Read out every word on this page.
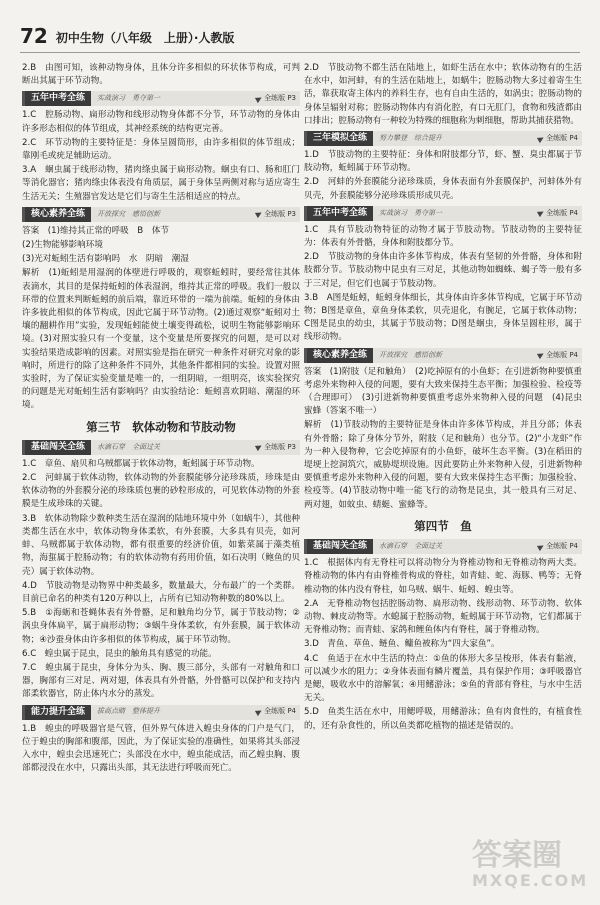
72 初中生物（八年级　上册）·人教版

2.B　由图可知，该种动物身体，且体分许多相似的环状体节构成，可判断出其属于环节动物。

五年中考全练	实战演习　勇夺第一	全练版 P3

1.C　腔肠动物、扁形动物和线形动物身体都不分节，环节动物的身体由许多形态相似的体节组成，其神经系统的结构更完善。

2.C　环节动物的主要特征是：身体呈圆筒形，由许多相似的体节组成；靠刚毛或疣足辅助运动。

3.A　蛔虫属于线形动物，猪肉绦虫属于扁形动物。蛔虫有口、肠和肛门等消化器官；猪肉绦虫体表没有角质层，属于身体呈两侧对称与适应寄生生活无关；生殖器官发达是它们与寄生生活相适应的特点。

核心素养全练	开放探究　感悟创新	全练版 P3

答案　(1)维持其正常的呼吸　B　体节

(2)生物能够影响环境

(3)光对蚯蚓生活有影响吗　水　阴暗　潮湿

解析　(1)蚯蚓是用湿润的体壁进行呼吸的，观察蚯蚓时，要经常往其体表滴水，其目的是保持蚯蚓的体表湿润，维持其正常的呼吸。我们一般以环带的位置来判断蚯蚓的前后端，靠近环带的一端为前端。蚯蚓的身体由许多彼此相似的体节构成，因此它属于环节动物。(2)通过观察“蚯蚓对土壤的翻耕作用”实验，发现蚯蚓能使土壤变得疏松，说明生物能够影响环境。(3)对照实验只有一个变量，这个变量是所要探究的问题，是可以对实验结果造成影响的因素。对照实验是指在研究一种条件对研究对象的影响时，所进行的除了这种条件不同外，其他条件都相同的实验。设置对照实验时，为了保证实验变量是唯一的，一组阴暗，一组明亮，该实验探究的问题是光对蚯蚓生活有影响吗？由实验结论：蚯蚓喜欢阴暗、潮湿的环境。

第三节　软体动物和节肢动物
基础闯关全练	水滴石穿　全面过关	全练版 P3

1.C　章鱼、扇贝和乌贼都属于软体动物，蚯蚓属于环节动物。

2.C　河蚌属于软体动物，软体动物的外套膜能够分泌珍珠质，珍珠是由软体动物的外套膜分泌的珍珠质包裹的砂粒形成的，可见软体动物的外套膜是生成珍珠的关键。

3.B　软体动物除少数种类生活在湿润的陆地环境中外（如蜗牛），其他种类都生活在水中，软体动物身体柔软，有外套膜，大多具有贝壳，如河蚌、乌贼都属于软体动物，都有很重要的经济价值，如紫菜属于藻类植物，海蜇属于腔肠动物；有的软体动物有药用价值，如石决明（鲍鱼的贝壳）属于软体动物。

4.D　节肢动物是动物界中种类最多，数量最大，分布最广的一个类群。目前已命名的种类有120万种以上，占所有已知动物种数的80%以上。

5.B　①海蛎和苍蝇体表有外骨骼，足和触角均分节，属于节肢动物；②涡虫身体扁平，属于扁形动物；③蜗牛身体柔软，有外套膜，属于软体动物；④沙蚕身体由许多相似的体节构成，属于环节动物。

6.C　蝗虫属于昆虫，昆虫的触角具有感觉的功能。

7.C　蝗虫属于昆虫，身体分为头、胸、腹三部分，头部有一对触角和口器，胸部有三对足、两对翅，体表具有外骨骼，外骨骼可以保护和支持内部柔软器官，防止体内水分的蒸发。

能力提升全练	拔高点睛　整体提升	全练版 P4

1.B　蝗虫的呼吸器官是气管，但外界气体进入蝗虫身体的门户是气门，位于蝗虫的胸部和腹部，因此，为了保证实验的准确性，如果将其头部浸入水中，蝗虫会迅速死亡；头部没在水中，蝗虫能成活，而乙蝗虫胸、腹部都浸没在水中，只露出头部，其无法进行呼吸而死亡。

2.D　节肢动物不都生活在陆地上，如虾生活在水中；软体动物有的生活在水中，如河蚌，有的生活在陆地上，如蜗牛；腔肠动物大多过着寄生生活，靠获取寄主体内的养料生存，也有自由生活的，如涡虫；腔肠动物的身体呈辐射对称；腔肠动物体内有消化腔，有口无肛门，食物和残渣都由口排出；腔肠动物有一种较为特殊的细胞称为刺细胞，帮助其捕获猎物。

三年模拟全练	努力攀登　综合提升	全练版 P4

1.D　节肢动物的主要特征：身体和附肢都分节，虾、蟹、臭虫都属于节肢动物，蚯蚓属于环节动物。

2.D　河蚌的外套膜能分泌珍珠质，身体表面有外套膜保护，河蚌体外有贝壳，外套膜能够分泌珍珠质形成贝壳。

五年中考全练	实战演习　勇夺第一	全练版 P4

1.C　具有节肢动物特征的动物才属于节肢动物。节肢动物的主要特征为：体表有外骨骼，身体和附肢都分节。

2.D　节肢动物的身体由许多体节构成，体表有坚韧的外骨骼，身体和附肢都分节。节肢动物中昆虫有三对足，其他动物如蜘蛛、蝎子等一般有多于三对足，但它们也属于节肢动物。

3.B　A图是蚯蚓，蚯蚓身体细长，其身体由许多体节构成，它属于环节动物；B图是章鱼，章鱼身体柔软，贝壳退化，有腕足，它属于软体动物；C图是昆虫的幼虫，其属于节肢动物；D图是蛔虫，身体呈圆柱形，属于线形动物。

核心素养全练	开放探究　感悟创新	全练版 P4

答案　(1)附肢（足和触角）　(2)吃掉原有的小鱼虾；在引进新物种要慎重考虑外来物种入侵的问题，要有大致来保持生态平衡；加强检验、检疫等（合理即可）　(3)引进新物种要慎重考虑外来物种入侵的问题　(4)昆虫　蜜蜂（答案不唯一）

解析　(1)节肢动物的主要特征是身体由许多体节构成，并且分部；体表有外骨骼；除了身体分节外，附肢（足和触角）也分节。(2)“小龙虾”作为一种入侵物种，它会吃掉原有的小鱼虾，破坏生态平衡。(3)在稻田的堤埂上挖洞筑穴，威胁堤坝设施。因此要防止外来物种入侵，引进新物种要慎重考虑外来物种入侵的问题，要有大致来保持生态平衡；加强检验、检疫等。(4)节肢动物中唯一能飞行的动物是昆虫，其一般具有三对足、两对翅，如蚊虫、蜻蜓、蜜蜂等。

第四节　鱼
基础闯关全练	水滴石穿　全面过关	全练版 P4

1.C　根据体内有无脊柱可以将动物分为脊椎动物和无脊椎动物两大类。脊椎动物的体内有由脊椎骨构成的脊柱，如青蛙、蛇、海豚、鸭等；无脊椎动物的体内没有脊柱，如乌贼、蜗牛、蚯蚓、蝗虫等。

2.A　无脊椎动物包括腔肠动物、扁形动物、线形动物、环节动物、软体动物、棘皮动物等。水螅属于腔肠动物，蚯蚓属于环节动物，它们都属于无脊椎动物；而青蛙、家鸽和鲤鱼体内有脊柱，属于脊椎动物。

3.D　青鱼、草鱼、鲢鱼、鳙鱼被称为“四大家鱼”。

4.C　鱼适于在水中生活的特点：①鱼的体形大多呈梭形，体表有黏液，可以减少水的阻力；②身体表面有鳞片覆盖，具有保护作用；③呼吸器官是鳃，吸收水中的溶解氧；④用鳍游泳；⑤鱼的背部有脊柱，与水中生活无关。

5.D　鱼类生活在水中，用鳃呼吸，用鳍游泳；鱼有肉食性的，有植食性的，还有杂食性的，所以鱼类都吃植物的描述是错误的。

答案圈
MXQE.COM
